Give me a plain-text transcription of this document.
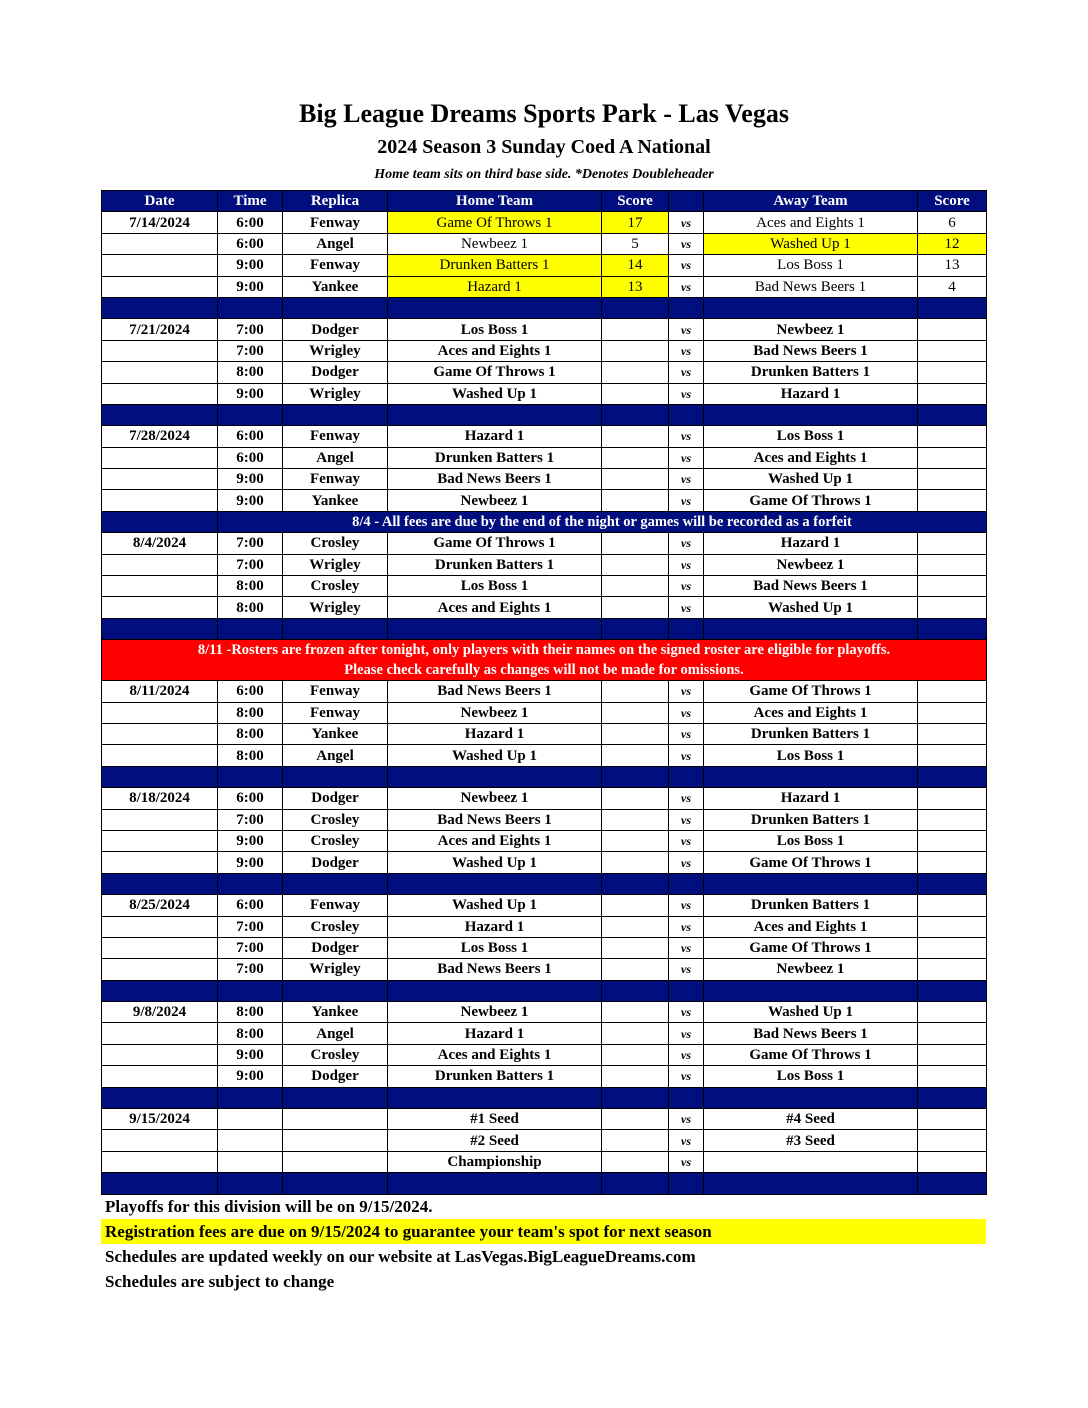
Big League Dreams Sports Park - Las Vegas
2024 Season 3 Sunday Coed A National
Home team sits on third base side. *Denotes Doubleheader
Date	Time	Replica	Home Team	Score		Away Team	Score
7/14/2024	6:00	Fenway	Game Of Throws 1	17	vs	Aces and Eights 1	6
	6:00	Angel	Newbeez 1	5	vs	Washed Up 1	12
	9:00	Fenway	Drunken Batters 1	14	vs	Los Boss 1	13
	9:00	Yankee	Hazard 1	13	vs	Bad News Beers 1	4

7/21/2024	7:00	Dodger	Los Boss 1		vs	Newbeez 1	
	7:00	Wrigley	Aces and Eights 1		vs	Bad News Beers 1	
	8:00	Dodger	Game Of Throws 1		vs	Drunken Batters 1	
	9:00	Wrigley	Washed Up 1		vs	Hazard 1	

7/28/2024	6:00	Fenway	Hazard 1		vs	Los Boss 1	
	6:00	Angel	Drunken Batters 1		vs	Aces and Eights 1	
	9:00	Fenway	Bad News Beers 1		vs	Washed Up 1	
	9:00	Yankee	Newbeez 1		vs	Game Of Throws 1	
	8/4 - All fees are due by the end of the night or games will be recorded as a forfeit						
8/4/2024	7:00	Crosley	Game Of Throws 1		vs	Hazard 1	
	7:00	Wrigley	Drunken Batters 1		vs	Newbeez 1	
	8:00	Crosley	Los Boss 1		vs	Bad News Beers 1	
	8:00	Wrigley	Aces and Eights 1		vs	Washed Up 1	

8/11 -Rosters are frozen after tonight, only players with their names on the signed roster are eligible for playoffs.
Please check carefully as changes will not be made for omissions.							

8/11/2024	6:00	Fenway	Bad News Beers 1		vs	Game Of Throws 1	
	8:00	Fenway	Newbeez 1		vs	Aces and Eights 1	
	8:00	Yankee	Hazard 1		vs	Drunken Batters 1	
	8:00	Angel	Washed Up 1		vs	Los Boss 1	

8/18/2024	6:00	Dodger	Newbeez 1		vs	Hazard 1	
	7:00	Crosley	Bad News Beers 1		vs	Drunken Batters 1	
	9:00	Crosley	Aces and Eights 1		vs	Los Boss 1	
	9:00	Dodger	Washed Up 1		vs	Game Of Throws 1	

8/25/2024	6:00	Fenway	Washed Up 1		vs	Drunken Batters 1	
	7:00	Crosley	Hazard 1		vs	Aces and Eights 1	
	7:00	Dodger	Los Boss 1		vs	Game Of Throws 1	
	7:00	Wrigley	Bad News Beers 1		vs	Newbeez 1	

9/8/2024	8:00	Yankee	Newbeez 1		vs	Washed Up 1	
	8:00	Angel	Hazard 1		vs	Bad News Beers 1	
	9:00	Crosley	Aces and Eights 1		vs	Game Of Throws 1	
	9:00	Dodger	Drunken Batters 1		vs	Los Boss 1	

9/15/2024			#1 Seed		vs	#4 Seed	
			#2 Seed		vs	#3 Seed	
			Championship		vs		

Playoffs for this division will be on 9/15/2024.
Registration fees are due on 9/15/2024 to guarantee your team's spot for next season
Schedules are updated weekly on our website at LasVegas.BigLeagueDreams.com
Schedules are subject to change
